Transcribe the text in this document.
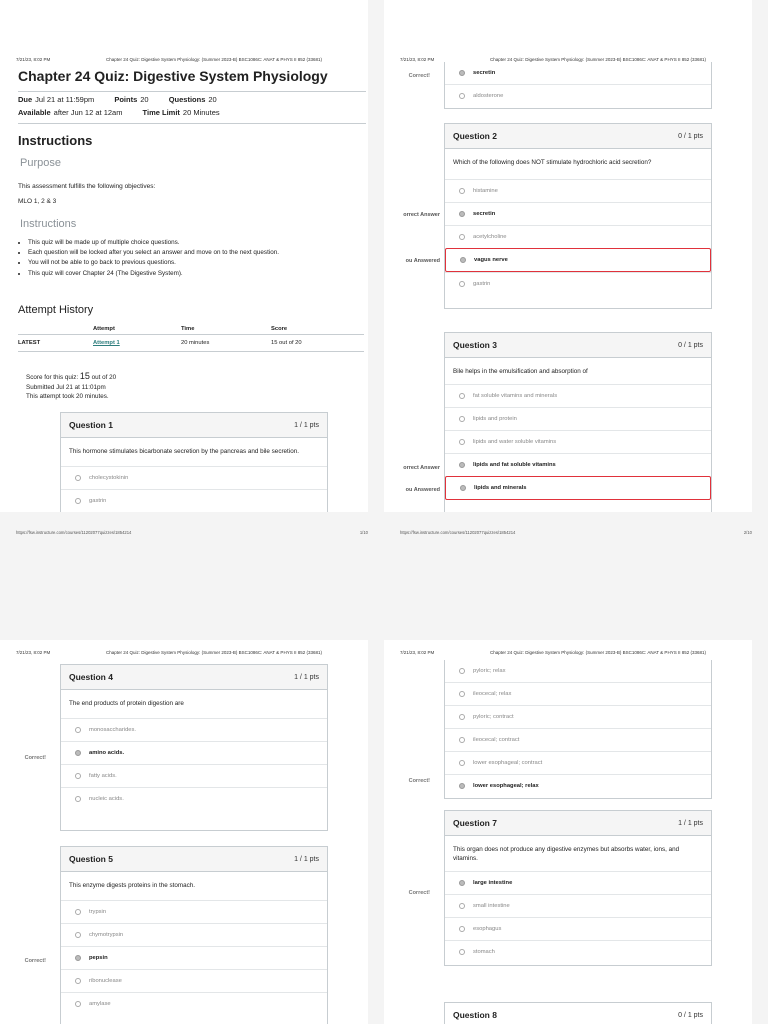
7/21/23, 8:02 PM	Chapter 24 Quiz: Digestive System Physiology: (Summer 2023-B) BSC1086C: ANAT & PHYS II 852 (33681)
Chapter 24 Quiz: Digestive System Physiology
Due Jul 21 at 11:59pm	Points 20	Questions 20
Available after Jun 12 at 12am	Time Limit 20 Minutes
Instructions
Purpose
This assessment fulfills the following objectives:
MLO 1, 2 & 3
Instructions
• This quiz will be made up of multiple choice questions.
• Each question will be locked after you select an answer and move on to the next question.
• You will not be able to go back to previous questions.
• This quiz will cover Chapter 24 (The Digestive System).
Attempt History
	Attempt	Time	Score
LATEST	Attempt 1	20 minutes	15 out of 20
Score for this quiz: 15 out of 20
Submitted Jul 21 at 11:01pm
This attempt took 20 minutes.
Question 1	1 / 1 pts
This hormone stimulates bicarbonate secretion by the pancreas and bile secretion.
cholecystokinin
gastrin
7/21/23, 8:02 PM	Chapter 24 Quiz: Digestive System Physiology: (Summer 2023-B) BSC1086C: ANAT & PHYS II 852 (33681)
Correct!	secretin
aldosterone
Question 2	0 / 1 pts
Which of the following does NOT stimulate hydrochloric acid secretion?
histamine
secretin
acetylcholine
vagus nerve
gastrin
orrect Answer
ou Answered
Question 3	0 / 1 pts
Bile helps in the emulsification and absorption of
fat soluble vitamins and minerals
lipids and protein
lipids and water soluble vitamins
lipids and fat soluble vitamins
lipids and minerals
orrect Answer
ou Answered
https://fsw.instructure.com/courses/11202077quizzes/1854214	1/10	https://fsw.instructure.com/courses/11202077quizzes/1854214	2/10
7/21/23, 8:02 PM	Chapter 24 Quiz: Digestive System Physiology: (Summer 2023-B) BSC1086C: ANAT & PHYS II 852 (33681)
Question 4	1 / 1 pts
The end products of protein digestion are
monosaccharides.
amino acids.
fatty acids.
nucleic acids.
Correct!
Question 5	1 / 1 pts
This enzyme digests proteins in the stomach.
trypsin
chymotrypsin
pepsin
ribonuclease
amylase
Correct!
7/21/23, 8:02 PM	Chapter 24 Quiz: Digestive System Physiology: (Summer 2023-B) BSC1086C: ANAT & PHYS II 852 (33681)
pyloric; relax
ileocecal; relax
pyloric; contract
ileocecal; contract
lower esophageal; contract
lower esophageal; relax
Correct!
Question 7	1 / 1 pts
This organ does not produce any digestive enzymes but absorbs water, ions, and vitamins.
large intestine
small intestine
esophagus
stomach
Correct!
Question 8	0 / 1 pts
